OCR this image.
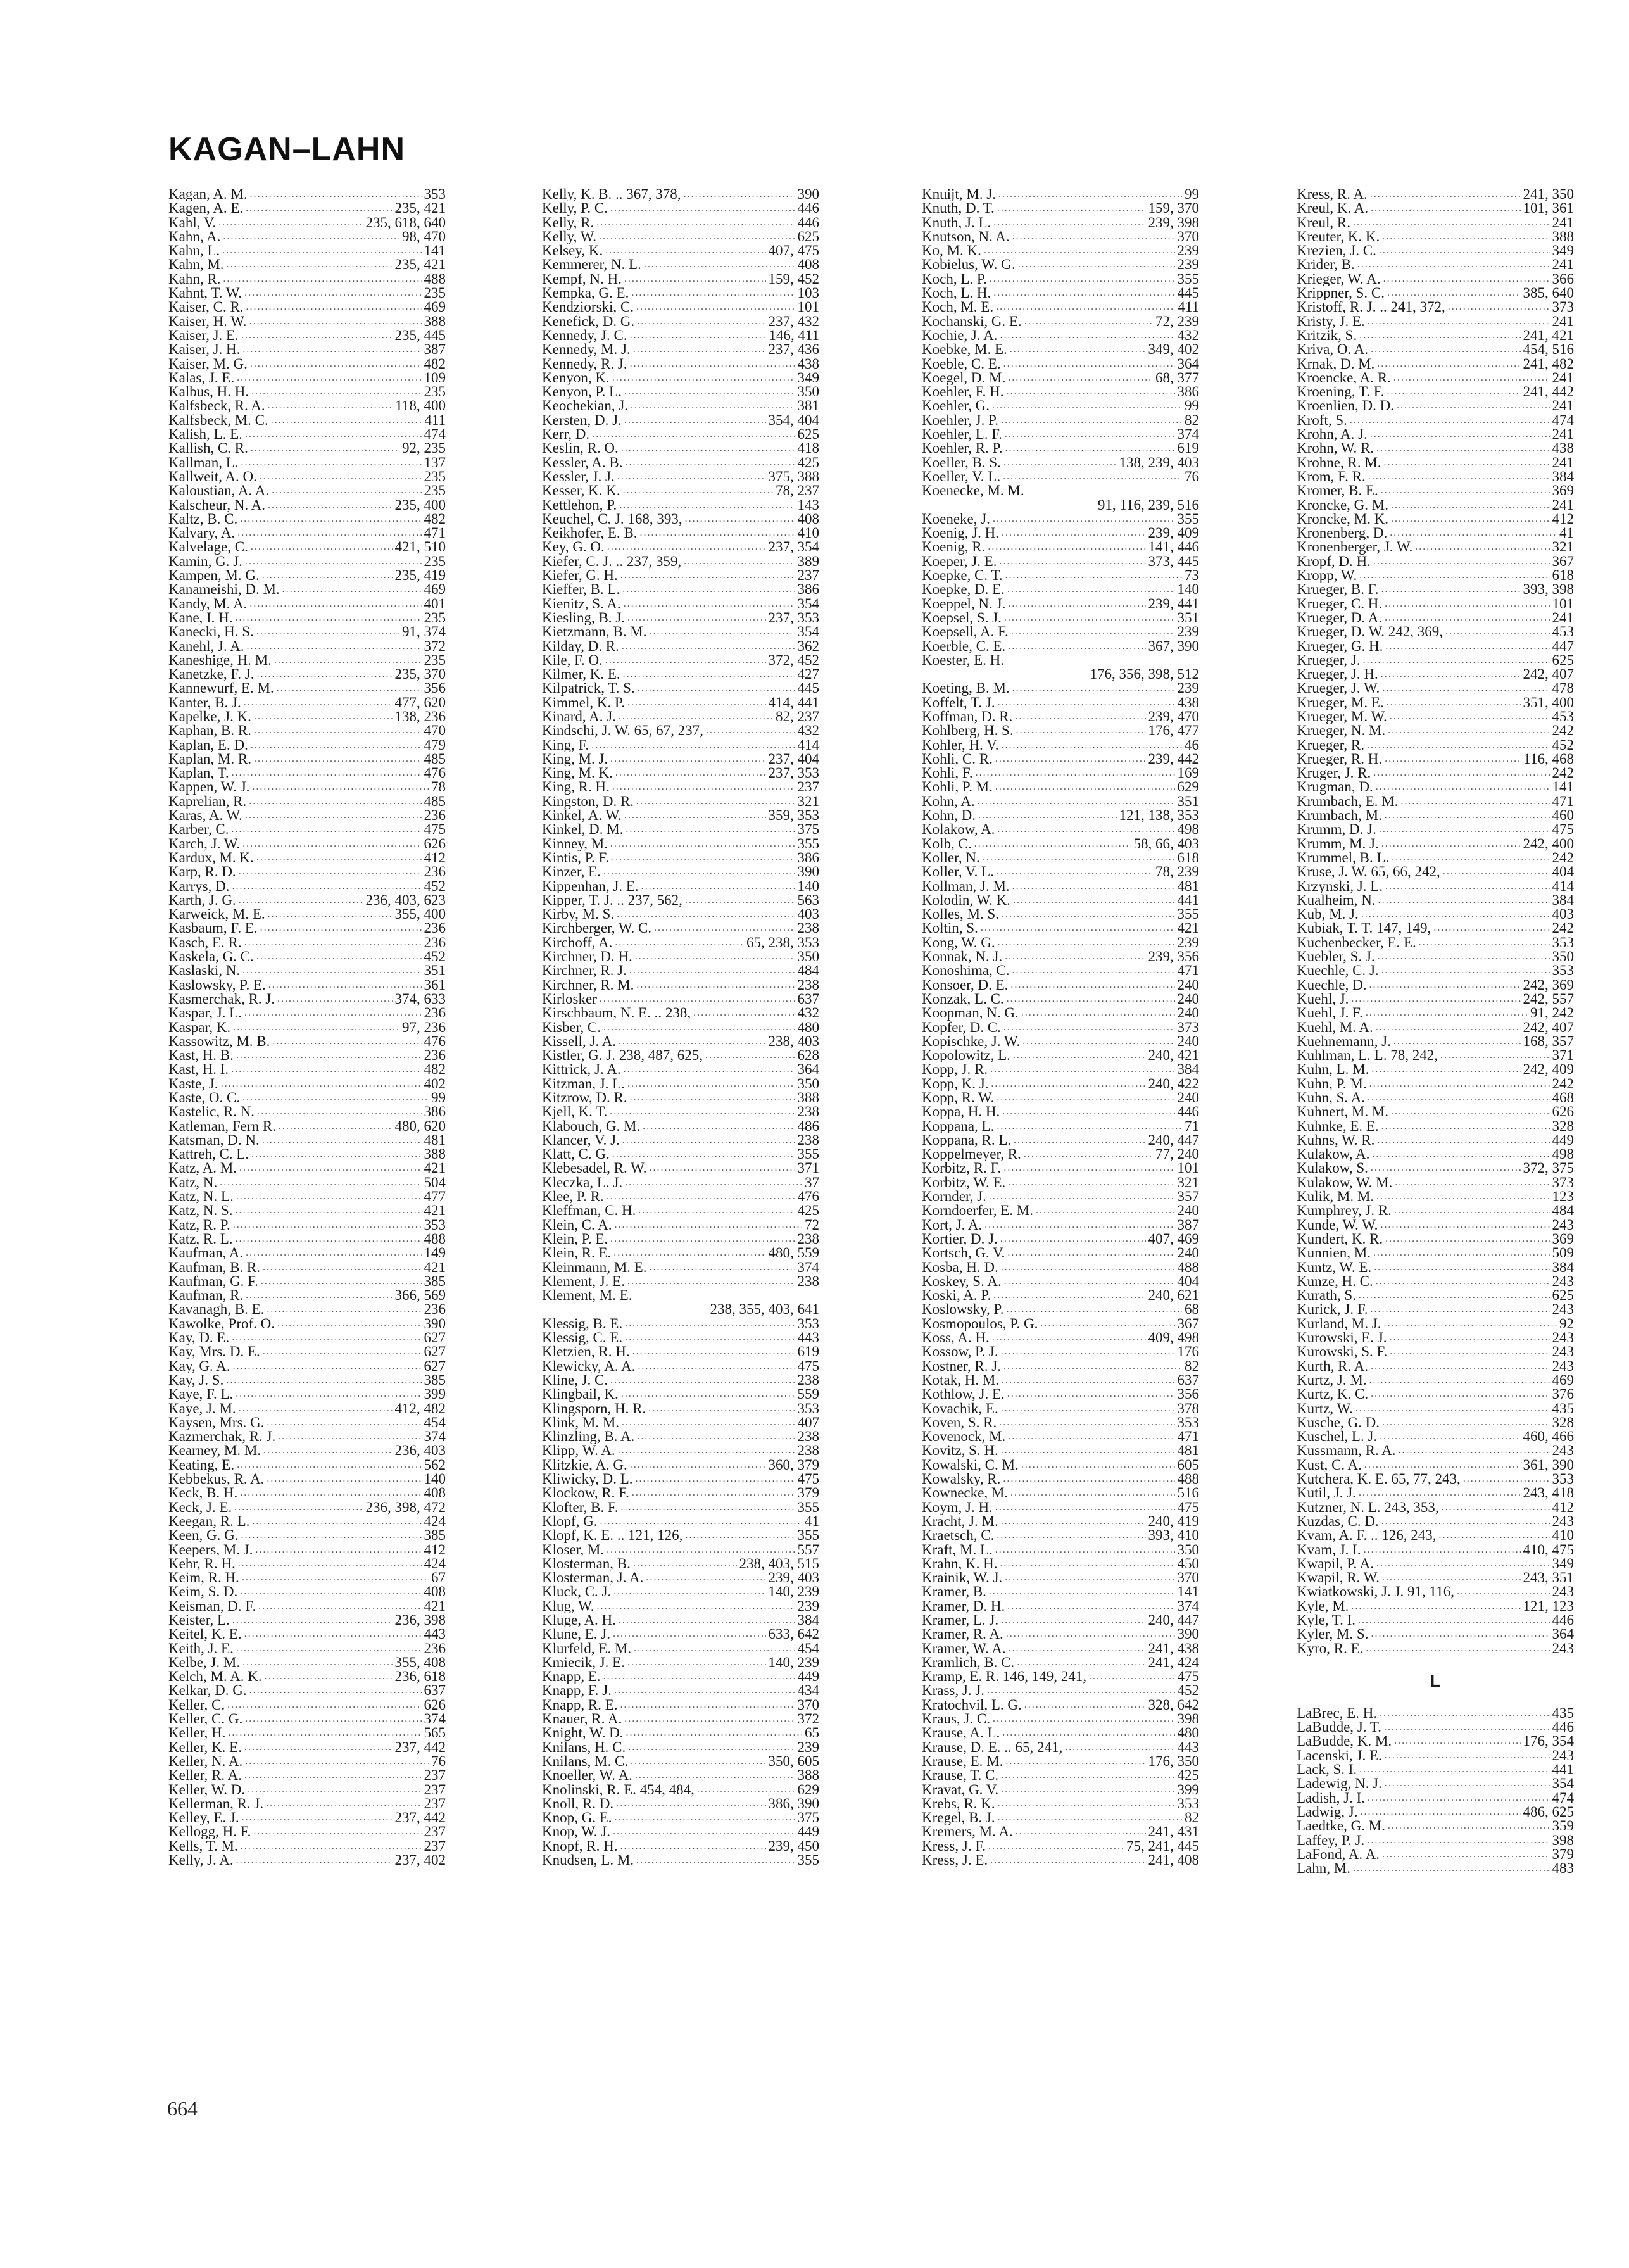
KAGAN–LAHN
Kagan, A. M. .....	353
Kagen, A. E. .....	235, 421
Kahl, V. .....	235, 618, 640
Kahn, A. .....	98, 470
Kahn, L. .....	141
Kahn, M. .....	235, 421
Kahn, R. .....	488
Kahnt, T. W. .....	235
Kaiser, C. R. .....	469
Kaiser, H. W. .....	388
Kaiser, J. E. .....	235, 445
Kaiser, J. H. .....	387
Kaiser, M. G. .....	482
Kalas, J. E. .....	109
Kalbus, H. H. .....	235
Kalfsbeck, R. A. .....	118, 400
Kalfsbeck, M. C. .....	411
Kalish, L. E. .....	474
Kallish, C. R. .....	92, 235
Kallman, L. .....	137
Kallweit, A. O. .....	235
Kaloustian, A. A. .....	235
Kalscheur, N. A. .....	235, 400
Kaltz, B. C. .....	482
Kalvary, A. .....	471
Kalvelage, C. .....	421, 510
Kamin, G. J. .....	235
Kampen, M. G. .....	235, 419
Kanameishi, D. M. .....	469
Kandy, M. A. .....	401
Kane, I. H. .....	235
Kanecki, H. S. .....	91, 374
Kanehl, J. A. .....	372
Kaneshige, H. M. .....	235
Kanetzke, F. J. .....	235, 370
Kannewurf, E. M. .....	356
Kanter, B. J. .....	477, 620
Kapelke, J. K. .....	138, 236
Kaphan, B. R. .....	470
Kaplan, E. D. .....	479
Kaplan, M. R. .....	485
Kaplan, T. .....	476
Kappen, W. J. .....	78
Kaprelian, R. .....	485
Karas, A. W. .....	236
Karber, C. .....	475
Karch, J. W. .....	626
Kardux, M. K. .....	412
Karp, R. D. .....	236
Karrys, D. .....	452
Karth, J. G. .....	236, 403, 623
Karweick, M. E. .....	355, 400
Kasbaum, F. E. .....	236
Kasch, E. R. .....	236
Kaskela, G. C. .....	452
Kaslaski, N. .....	351
Kaslowsky, P. E. .....	361
Kasmerchak, R. J. .....	374, 633
Kaspar, J. L. .....	236
Kaspar, K. .....	97, 236
Kassowitz, M. B. .....	476
Kast, H. B. .....	236
Kast, H. I. .....	482
Kaste, J. .....	402
Kaste, O. C. .....	99
Kastelic, R. N. .....	386
Katleman, Fern R. .....	480, 620
Katsman, D. N. .....	481
Kattreh, C. L. .....	388
Katz, A. M. .....	421
Katz, N. .....	504
Katz, N. L. .....	477
Katz, N. S. .....	421
Katz, R. P. .....	353
Katz, R. L. .....	488
Kaufman, A. .....	149
Kaufman, B. R. .....	421
Kaufman, G. F. .....	385
Kaufman, R. .....	366, 569
Kavanagh, B. E. .....	236
Kawolke, Prof. O. .....	390
Kay, D. E. .....	627
Kay, Mrs. D. E. .....	627
Kay, G. A. .....	627
Kay, J. S. .....	385
Kaye, F. L. .....	399
Kaye, J. M. .....	412, 482
Kaysen, Mrs. G. .....	454
Kazmerchak, R. J. .....	374
Kearney, M. M. .....	236, 403
Keating, E. .....	562
Kebbekus, R. A. .....	140
Keck, B. H. .....	408
Keck, J. E. .....	236, 398, 472
Keegan, R. L. .....	424
Keen, G. G. .....	385
Keepers, M. J. .....	412
Kehr, R. H. .....	424
Keim, R. H. .....	67
Keim, S. D. .....	408
Keisman, D. F. .....	421
Keister, L. .....	236, 398
Keitel, K. E. .....	443
Keith, J. E. .....	236
Kelbe, J. M. .....	355, 408
Kelch, M. A. K. .....	236, 618
Kelkar, D. G. .....	637
Keller, C. .....	626
Keller, C. G. .....	374
Keller, H. .....	565
Keller, K. E. .....	237, 442
Keller, N. A. .....	76
Keller, R. A. .....	237
Keller, W. D. .....	237
Kellerman, R. J. .....	237
Kelley, E. J. .....	237, 442
Kellogg, H. F. .....	237
Kells, T. M. .....	237
Kelly, J. A. .....	237, 402
Kelly, K. B. .. 367, 378, .....	390
Kelly, P. C. .....	446
Kelly, R. .....	446
Kelly, W. .....	625
Kelsey, K. .....	407, 475
Kemmerer, N. L. .....	408
Kempf, N. H. .....	159, 452
Kempka, G. E. .....	103
Kendziorski, C. .....	101
Kenefick, D. G. .....	237, 432
Kennedy, J. C. .....	146, 411
Kennedy, M. J. .....	237, 436
Kennedy, R. J. .....	438
Kenyon, K. .....	349
Kenyon, P. L. .....	350
Keochekian, J. .....	381
Kersten, D. J. .....	354, 404
Kerr, D. .....	625
Keslin, R. O. .....	418
Kessler, A. B. .....	425
Kessler, J. J. .....	375, 388
Kesser, K. K. .....	78, 237
Kettlehon, P. .....	143
Keuchel, C. J. 168, 393, .....	408
Keikhofer, E. B. .....	410
Key, G. O. .....	237, 354
Kiefer, C. J. .. 237, 359, .....	389
Kiefer, G. H. .....	237
Kieffer, B. L. .....	386
Kienitz, S. A. .....	354
Kiesling, B. J. .....	237, 353
Kietzmann, B. M. .....	354
Kilday, D. R. .....	362
Kile, F. O. .....	372, 452
Kilmer, K. E. .....	427
Kilpatrick, T. S. .....	445
Kimmel, K. P. .....	414, 441
Kinard, A. J. .....	82, 237
Kindschi, J. W. 65, 67, 237, .....	432
King, F. .....	414
King, M. J. .....	237, 404
King, M. K. .....	237, 353
King, R. H. .....	237
Kingston, D. R. .....	321
Kinkel, A. W. .....	359, 353
Kinkel, D. M. .....	375
Kinney, M. .....	355
Kintis, P. F. .....	386
Kinzer, E. .....	390
Kippenhan, J. E. .....	140
Kipper, T. J. .. 237, 562, .....	563
Kirby, M. S. .....	403
Kirchberger, W. C. .....	238
Kirchoff, A. .....	65, 238, 353
Kirchner, D. H. .....	350
Kirchner, R. J. .....	484
Kirchner, R. M. .....	238
Kirlosker .....	637
Kirschbaum, N. E. .. 238, .....	432
Kisber, C. .....	480
Kissell, J. A. .....	238, 403
Kistler, G. J. 238, 487, 625, .....	628
Kittrick, J. A. .....	364
Kitzman, J. L. .....	350
Kitzrow, D. R. .....	388
Kjell, K. T. .....	238
Klabouch, G. M. .....	486
Klancer, V. J. .....	238
Klatt, C. G. .....	355
Klebesadel, R. W. .....	371
Kleczka, L. J. .....	37
Klee, P. R. .....	476
Kleffman, C. H. .....	425
Klein, C. A. .....	72
Klein, P. E. .....	238
Klein, R. E. .....	480, 559
Kleinmann, M. E. .....	374
Klement, J. E. .....	238
Klement, M. E.
238, 355, 403, 641
Klessig, B. E. .....	353
Klessig, C. E. .....	443
Kletzien, R. H. .....	619
Klewicky, A. A. .....	475
Kline, J. C. .....	238
Klingbail, K. .....	559
Klingsporn, H. R. .....	353
Klink, M. M. .....	407
Klinzling, B. A. .....	238
Klipp, W. A. .....	238
Klitzkie, A. G. .....	360, 379
Kliwicky, D. L. .....	475
Klockow, R. F. .....	379
Klofter, B. F. .....	355
Klopf, G. .....	41
Klopf, K. E. .. 121, 126, .....	355
Kloser, M. .....	557
Klosterman, B. .....	238, 403, 515
Klosterman, J. A. .....	239, 403
Kluck, C. J. .....	140, 239
Klug, W. .....	239
Kluge, A. H. .....	384
Klune, E. J. .....	633, 642
Klurfeld, E. M. .....	454
Kmiecik, J. E. .....	140, 239
Knapp, E. .....	449
Knapp, F. J. .....	434
Knapp, R. E. .....	370
Knauer, R. A. .....	372
Knight, W. D. .....	65
Knilans, H. C. .....	239
Knilans, M. C. .....	350, 605
Knoeller, W. A. .....	388
Knolinski, R. E. 454, 484, .....	629
Knoll, R. D. .....	386, 390
Knop, G. E. .....	375
Knop, W. J. .....	449
Knopf, R. H. .....	239, 450
Knudsen, L. M. .....	355
Knuijt, M. J. .....	99
Knuth, D. T. .....	159, 370
Knuth, J. L. .....	239, 398
Knutson, N. A. .....	370
Ko, M. K. .....	239
Kobielus, W. G. .....	239
Koch, L. P. .....	355
Koch, L. H. .....	445
Koch, M. E. .....	411
Kochanski, G. E. .....	72, 239
Kochie, J. A. .....	432
Koebke, M. E. .....	349, 402
Koeble, C. E. .....	364
Koegel, D. M. .....	68, 377
Koehler, F. H. .....	386
Koehler, G. .....	99
Koehler, J. P. .....	82
Koehler, L. F. .....	374
Koehler, R. P. .....	619
Koeller, B. S. .....	138, 239, 403
Koeller, V. L. .....	76
Koenecke, M. M.
91, 116, 239, 516
Koeneke, J. .....	355
Koenig, J. H. .....	239, 409
Koenig, R. .....	141, 446
Koeper, J. E. .....	373, 445
Koepke, C. T. .....	73
Koepke, D. E. .....	140
Koeppel, N. J. .....	239, 441
Koepsel, S. J. .....	351
Koepsell, A. F. .....	239
Koerble, C. E. .....	367, 390
Koester, E. H.
176, 356, 398, 512
Koeting, B. M. .....	239
Koffelt, T. J. .....	438
Koffman, D. R. .....	239, 470
Kohlberg, H. S. .....	176, 477
Kohler, H. V. .....	46
Kohli, C. R. .....	239, 442
Kohli, F. .....	169
Kohli, P. M. .....	629
Kohn, A. .....	351
Kohn, D. .....	121, 138, 353
Kolakow, A. .....	498
Kolb, C. .....	58, 66, 403
Koller, N. .....	618
Koller, V. L. .....	78, 239
Kollman, J. M. .....	481
Kolodin, W. K. .....	441
Kolles, M. S. .....	355
Koltin, S. .....	421
Kong, W. G. .....	239
Konnak, N. J. .....	239, 356
Konoshima, C. .....	471
Konsoer, D. E. .....	240
Konzak, L. C. .....	240
Koopman, N. G. .....	240
Kopfer, D. C. .....	373
Kopischke, J. W. .....	240
Kopolowitz, L. .....	240, 421
Kopp, J. R. .....	384
Kopp, K. J. .....	240, 422
Kopp, R. W. .....	240
Koppa, H. H. .....	446
Koppana, L. .....	71
Koppana, R. L. .....	240, 447
Koppelmeyer, R. .....	77, 240
Korbitz, R. F. .....	101
Korbitz, W. E. .....	321
Kornder, J. .....	357
Korndoerfer, E. M. .....	240
Kort, J. A. .....	387
Kortier, D. J. .....	407, 469
Kortsch, G. V. .....	240
Kosba, H. D. .....	488
Koskey, S. A. .....	404
Koski, A. P. .....	240, 621
Koslowsky, P. .....	68
Kosmopoulos, P. G. .....	367
Koss, A. H. .....	409, 498
Kossow, P. J. .....	176
Kostner, R. J. .....	82
Kotak, H. M. .....	637
Kothlow, J. E. .....	356
Kovachik, E. .....	378
Koven, S. R. .....	353
Kovenock, M. .....	471
Kovitz, S. H. .....	481
Kowalski, C. M. .....	605
Kowalsky, R. .....	488
Kownecke, M. .....	516
Koym, J. H. .....	475
Kracht, J. M. .....	240, 419
Kraetsch, C. .....	393, 410
Kraft, M. L. .....	350
Krahn, K. H. .....	450
Krainik, W. J. .....	370
Kramer, B. .....	141
Kramer, D. H. .....	374
Kramer, L. J. .....	240, 447
Kramer, R. A. .....	390
Kramer, W. A. .....	241, 438
Kramlich, B. C. .....	241, 424
Kramp, E. R. 146, 149, 241, .....	475
Krass, J. J. .....	452
Kratochvil, L. G. .....	328, 642
Kraus, J. C. .....	398
Krause, A. L. .....	480
Krause, D. E. .. 65, 241, .....	443
Krause, E. M. .....	176, 350
Krause, T. C. .....	425
Kravat, G. V. .....	399
Krebs, R. K. .....	353
Kregel, B. J. .....	82
Kremers, M. A. .....	241, 431
Kress, J. F. .....	75, 241, 445
Kress, J. E. .....	241, 408
Kress, R. A. .....	241, 350
Kreul, K. A. .....	101, 361
Kreul, R. .....	241
Kreuter, K. K. .....	388
Krezien, J. C. .....	349
Krider, B. .....	241
Krieger, W. A. .....	366
Krippner, S. C. .....	385, 640
Kristoff, R. J. .. 241, 372, .....	373
Kristy, J. E. .....	241
Kritzik, S. .....	241, 421
Kriva, O. A. .....	454, 516
Krnak, D. M. .....	241, 482
Kroencke, A. R. .....	241
Kroening, T. F. .....	241, 442
Kroenlien, D. D. .....	241
Kroft, S. .....	474
Krohn, A. J. .....	241
Krohn, W. R. .....	438
Krohne, R. M. .....	241
Krom, F. R. .....	384
Kromer, B. E. .....	369
Kroncke, G. M. .....	241
Kroncke, M. K. .....	412
Kronenberg, D. .....	41
Kronenberger, J. W. .....	321
Kropf, D. H. .....	367
Kropp, W. .....	618
Krueger, B. F. .....	393, 398
Krueger, C. H. .....	101
Krueger, D. A. .....	241
Krueger, D. W. 242, 369, .....	453
Krueger, G. H. .....	447
Krueger, J. .....	625
Krueger, J. H. .....	242, 407
Krueger, J. W. .....	478
Krueger, M. E. .....	351, 400
Krueger, M. W. .....	453
Krueger, N. M. .....	242
Krueger, R. .....	452
Krueger, R. H. .....	116, 468
Kruger, J. R. .....	242
Krugman, D. .....	141
Krumbach, E. M. .....	471
Krumbach, M. .....	460
Krumm, D. J. .....	475
Krumm, M. J. .....	242, 400
Krummel, B. L. .....	242
Kruse, J. W. 65, 66, 242, .....	404
Krzynski, J. L. .....	414
Kualheim, N. .....	384
Kub, M. J. .....	403
Kubiak, T. T. 147, 149, .....	242
Kuchenbecker, E. E. .....	353
Kuebler, S. J. .....	350
Kuechle, C. J. .....	353
Kuechle, D. .....	242, 369
Kuehl, J. .....	242, 557
Kuehl, J. F. .....	91, 242
Kuehl, M. A. .....	242, 407
Kuehnemann, J. .....	168, 357
Kuhlman, L. L. 78, 242, .....	371
Kuhn, L. M. .....	242, 409
Kuhn, P. M. .....	242
Kuhn, S. A. .....	468
Kuhnert, M. M. .....	626
Kuhnke, E. E. .....	328
Kuhns, W. R. .....	449
Kulakow, A. .....	498
Kulakow, S. .....	372, 375
Kulakow, W. M. .....	373
Kulik, M. M. .....	123
Kumphrey, J. R. .....	484
Kunde, W. W. .....	243
Kundert, K. R. .....	369
Kunnien, M. .....	509
Kuntz, W. E. .....	384
Kunze, H. C. .....	243
Kurath, S. .....	625
Kurick, J. F. .....	243
Kurland, M. J. .....	92
Kurowski, E. J. .....	243
Kurowski, S. F. .....	243
Kurth, R. A. .....	243
Kurtz, J. M. .....	469
Kurtz, K. C. .....	376
Kurtz, W. .....	435
Kusche, G. D. .....	328
Kuschel, L. J. .....	460, 466
Kussmann, R. A. .....	243
Kust, C. A. .....	361, 390
Kutchera, K. E. 65, 77, 243, .....	353
Kutil, J. J. .....	243, 418
Kutzner, N. L. 243, 353, .....	412
Kuzdas, C. D. .....	243
Kvam, A. F. .. 126, 243, .....	410
Kvam, J. I. .....	410, 475
Kwapil, P. A. .....	349
Kwapil, R. W. .....	243, 351
Kwiatkowski, J. J. 91, 116, .....	243
Kyle, M. .....	121, 123
Kyle, T. I. .....	446
Kyler, M. S. .....	364
Kyro, R. E. .....	243
L
LaBrec, E. H. .....	435
LaBudde, J. T. .....	446
LaBudde, K. M. .....	176, 354
Lacenski, J. E. .....	243
Lack, S. I. .....	441
Ladewig, N. J. .....	354
Ladish, J. I. .....	474
Ladwig, J. .....	486, 625
Laedtke, G. M. .....	359
Laffey, P. J. .....	398
LaFond, A. A. .....	379
Lahn, M. .....	483
664
